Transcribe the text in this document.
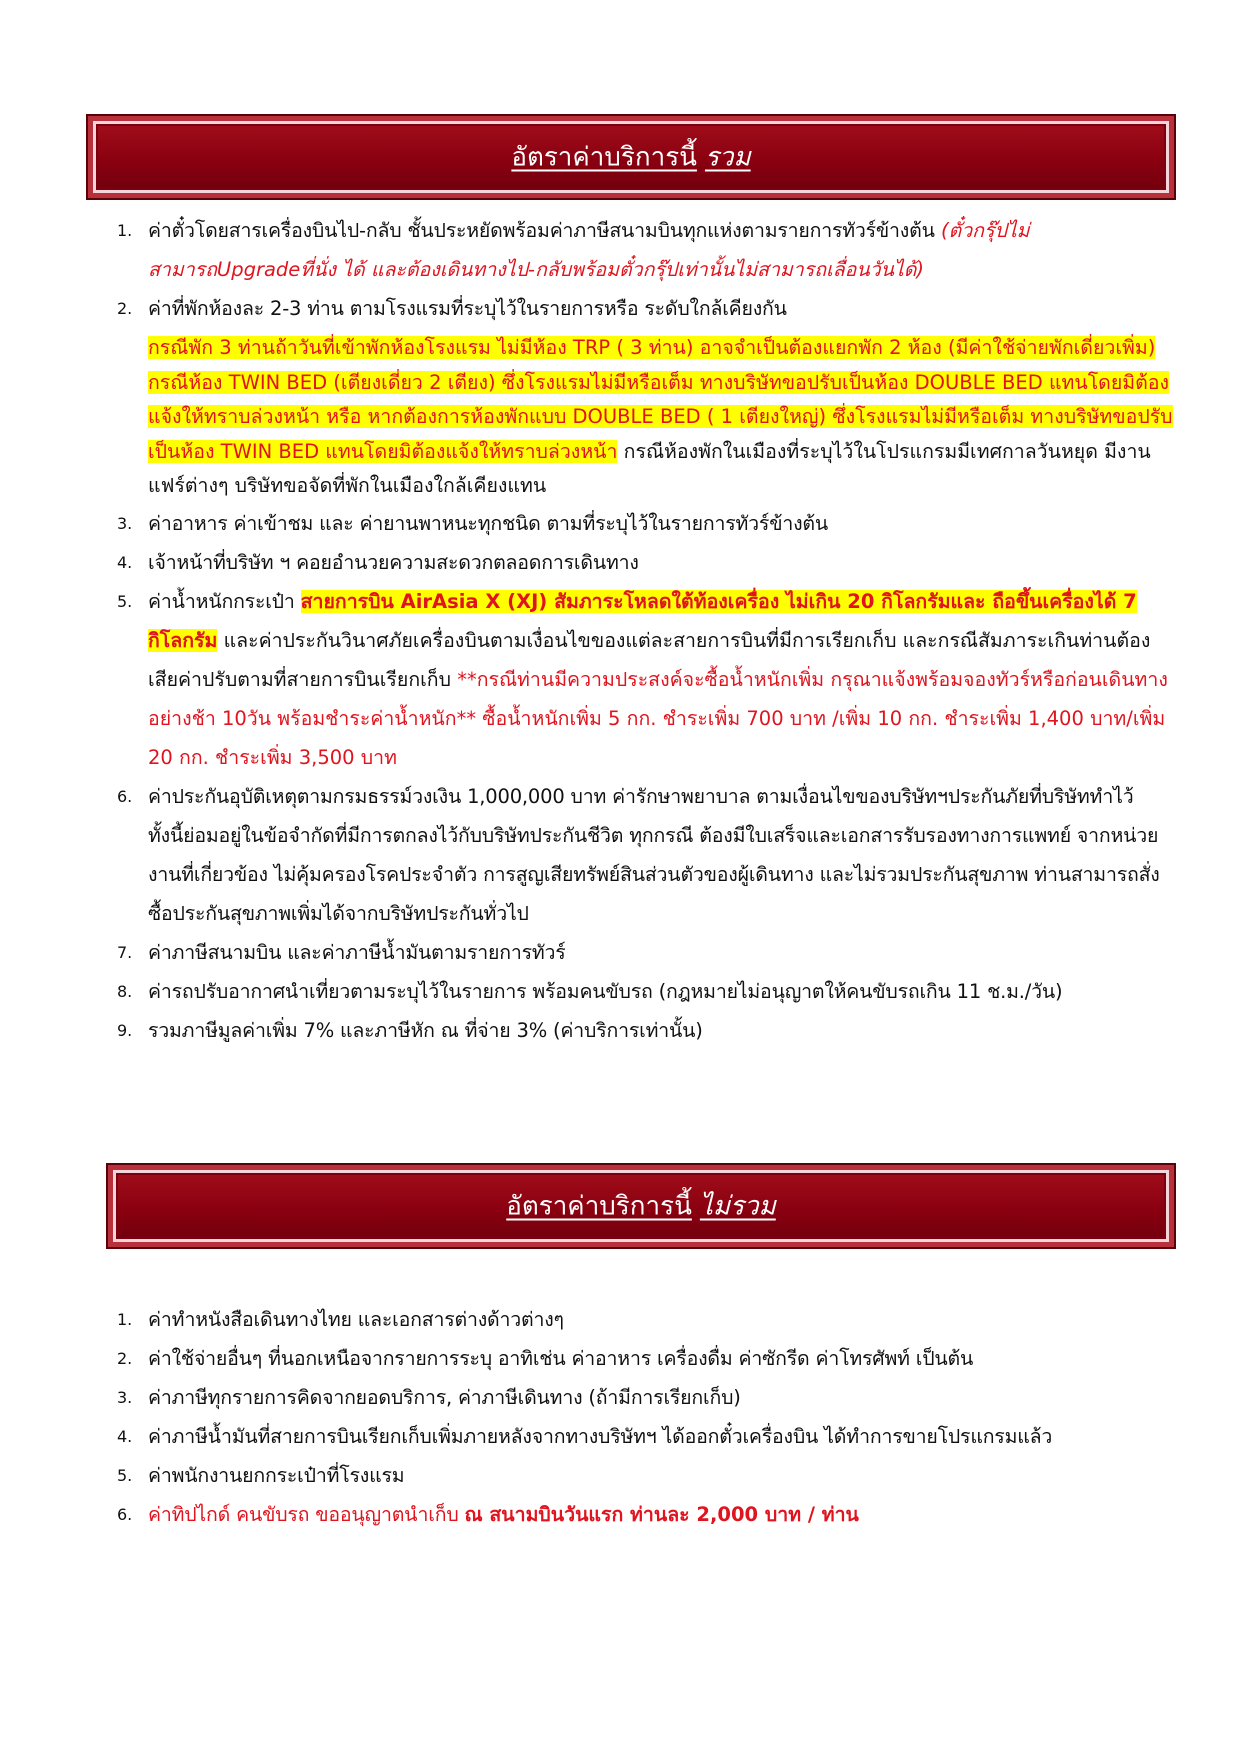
อัตราค่าบริการนี้ รวม
1. ค่าตั๋วโดยสารเครื่องบินไป-กลับ ชั้นประหยัดพร้อมค่าภาษีสนามบินทุกแห่งตามรายการทัวร์ข้างต้น (ตั๋วกรุ๊ปไม่สามารถUpgradeที่นั่ง ได้ และต้องเดินทางไป-กลับพร้อมตั๋วกรุ๊ปเท่านั้นไม่สามารถเลื่อนวันได้)
2. ค่าที่พักห้องละ 2-3 ท่าน ตามโรงแรมที่ระบุไว้ในรายการหรือ ระดับใกล้เคียงกัน
กรณีพัก 3 ท่านถ้าวันที่เข้าพักห้องโรงแรม ไม่มีห้อง TRP ( 3 ท่าน) อาจจำเป็นต้องแยกพัก 2 ห้อง (มีค่าใช้จ่ายพักเดี่ยวเพิ่ม) กรณีห้อง TWIN BED (เตียงเดี่ยว 2 เตียง) ซึ่งโรงแรมไม่มีหรือเต็ม ทางบริษัทขอปรับเป็นห้อง DOUBLE BED แทนโดยมิต้องแจ้งให้ทราบล่วงหน้า หรือ หากต้องการห้องพักแบบ DOUBLE BED ( 1 เตียงใหญ่) ซึ่งโรงแรมไม่มีหรือเต็ม ทางบริษัทขอปรับเป็นห้อง TWIN BED แทนโดยมิต้องแจ้งให้ทราบล่วงหน้า กรณีห้องพักในเมืองที่ระบุไว้ในโปรแกรมมีเทศกาลวันหยุด มีงานแฟร์ต่างๆ บริษัทขอจัดที่พักในเมืองใกล้เคียงแทน
3. ค่าอาหาร ค่าเข้าชม และ ค่ายานพาหนะทุกชนิด ตามที่ระบุไว้ในรายการทัวร์ข้างต้น
4. เจ้าหน้าที่บริษัท ฯ คอยอำนวยความสะดวกตลอดการเดินทาง
5. ค่าน้ำหนักกระเป๋า สายการบิน AirAsia X (XJ) สัมภาระโหลดใต้ท้องเครื่อง ไม่เกิน 20 กิโลกรัมและ ถือขึ้นเครื่องได้ 7 กิโลกรัม และค่าประกันวินาศภัยเครื่องบินตามเงื่อนไขของแต่ละสายการบินที่มีการเรียกเก็บ และกรณีสัมภาระเกินท่านต้องเสียค่าปรับตามที่สายการบินเรียกเก็บ **กรณีท่านมีความประสงค์จะซื้อน้ำหนักเพิ่ม กรุณาแจ้งพร้อมจองทัวร์หรือก่อนเดินทางอย่างช้า 10วัน พร้อมชำระค่าน้ำหนัก** ซื้อน้ำหนักเพิ่ม 5 กก. ชำระเพิ่ม 700 บาท /เพิ่ม 10 กก. ชำระเพิ่ม 1,400 บาท/เพิ่ม 20 กก. ชำระเพิ่ม 3,500 บาท
6. ค่าประกันอุบัติเหตุตามกรมธรรม์วงเงิน 1,000,000 บาท ค่ารักษาพยาบาล ตามเงื่อนไขของบริษัทฯประกันภัยที่บริษัททำไว้ ทั้งนี้ย่อมอยู่ในข้อจำกัดที่มีการตกลงไว้กับบริษัทประกันชีวิต ทุกกรณี ต้องมีใบเสร็จและเอกสารรับรองทางการแพทย์ จากหน่วยงานที่เกี่ยวข้อง ไม่คุ้มครองโรคประจำตัว การสูญเสียทรัพย์สินส่วนตัวของผู้เดินทาง และไม่รวมประกันสุขภาพ ท่านสามารถสั่งซื้อประกันสุขภาพเพิ่มได้จากบริษัทประกันทั่วไป
7. ค่าภาษีสนามบิน และค่าภาษีน้ำมันตามรายการทัวร์
8. ค่ารถปรับอากาศนำเที่ยวตามระบุไว้ในรายการ พร้อมคนขับรถ (กฎหมายไม่อนุญาตให้คนขับรถเกิน 11 ช.ม./วัน)
9. รวมภาษีมูลค่าเพิ่ม 7% และภาษีหัก ณ ที่จ่าย 3% (ค่าบริการเท่านั้น)
อัตราค่าบริการนี้ ไม่รวม
1. ค่าทำหนังสือเดินทางไทย และเอกสารต่างด้าวต่างๆ
2. ค่าใช้จ่ายอื่นๆ ที่นอกเหนือจากรายการระบุ อาทิเช่น ค่าอาหาร เครื่องดื่ม ค่าซักรีด ค่าโทรศัพท์ เป็นต้น
3. ค่าภาษีทุกรายการคิดจากยอดบริการ, ค่าภาษีเดินทาง (ถ้ามีการเรียกเก็บ)
4. ค่าภาษีน้ำมันที่สายการบินเรียกเก็บเพิ่มภายหลังจากทางบริษัทฯ ได้ออกตั๋วเครื่องบิน ได้ทำการขายโปรแกรมแล้ว
5. ค่าพนักงานยกกระเป๋าที่โรงแรม
6. ค่าทิปไกด์ คนขับรถ ขออนุญาตนำเก็บ ณ สนามบินวันแรก ท่านละ 2,000 บาท / ท่าน
